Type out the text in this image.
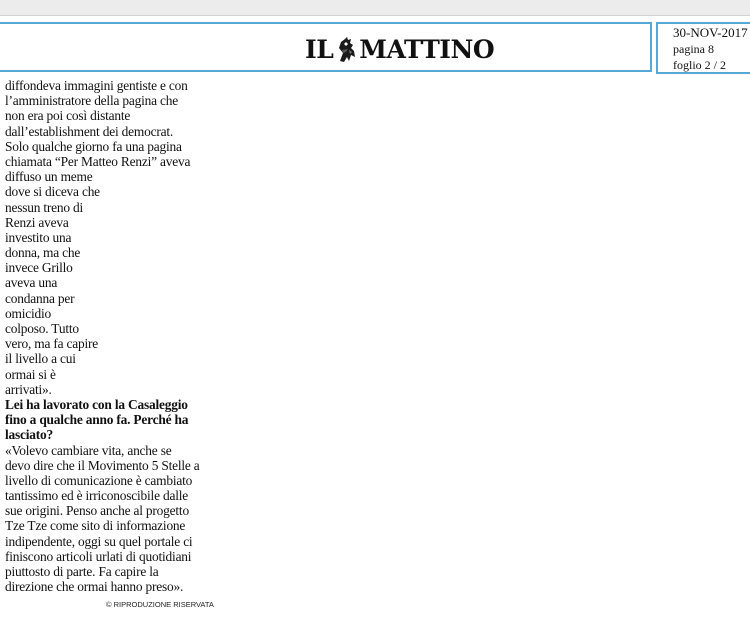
IL MATTINO
30-NOV-2017
pagina 8
foglio 2 / 2
diffondeva immagini gentiste e con
l’amministratore della pagina che
non era poi così distante
dall’establishment dei democrat.
Solo qualche giorno fa una pagina
chiamata “Per Matteo Renzi” aveva
diffuso un meme
dove si diceva che
nessun treno di
Renzi aveva
investito una
donna, ma che
invece Grillo
aveva una
condanna per
omicidio
colposo. Tutto
vero, ma fa capire
il livello a cui
ormai si è
arrivati».
Lei ha lavorato con la Casaleggio
fino a qualche anno fa. Perché ha
lasciato?
«Volevo cambiare vita, anche se
devo dire che il Movimento 5 Stelle a
livello di comunicazione è cambiato
tantissimo ed è irriconoscibile dalle
sue origini. Penso anche al progetto
Tze Tze come sito di informazione
indipendente, oggi su quel portale ci
finiscono articoli urlati di quotidiani
piuttosto di parte. Fa capire la
direzione che ormai hanno preso».
© RIPRODUZIONE RISERVATA
